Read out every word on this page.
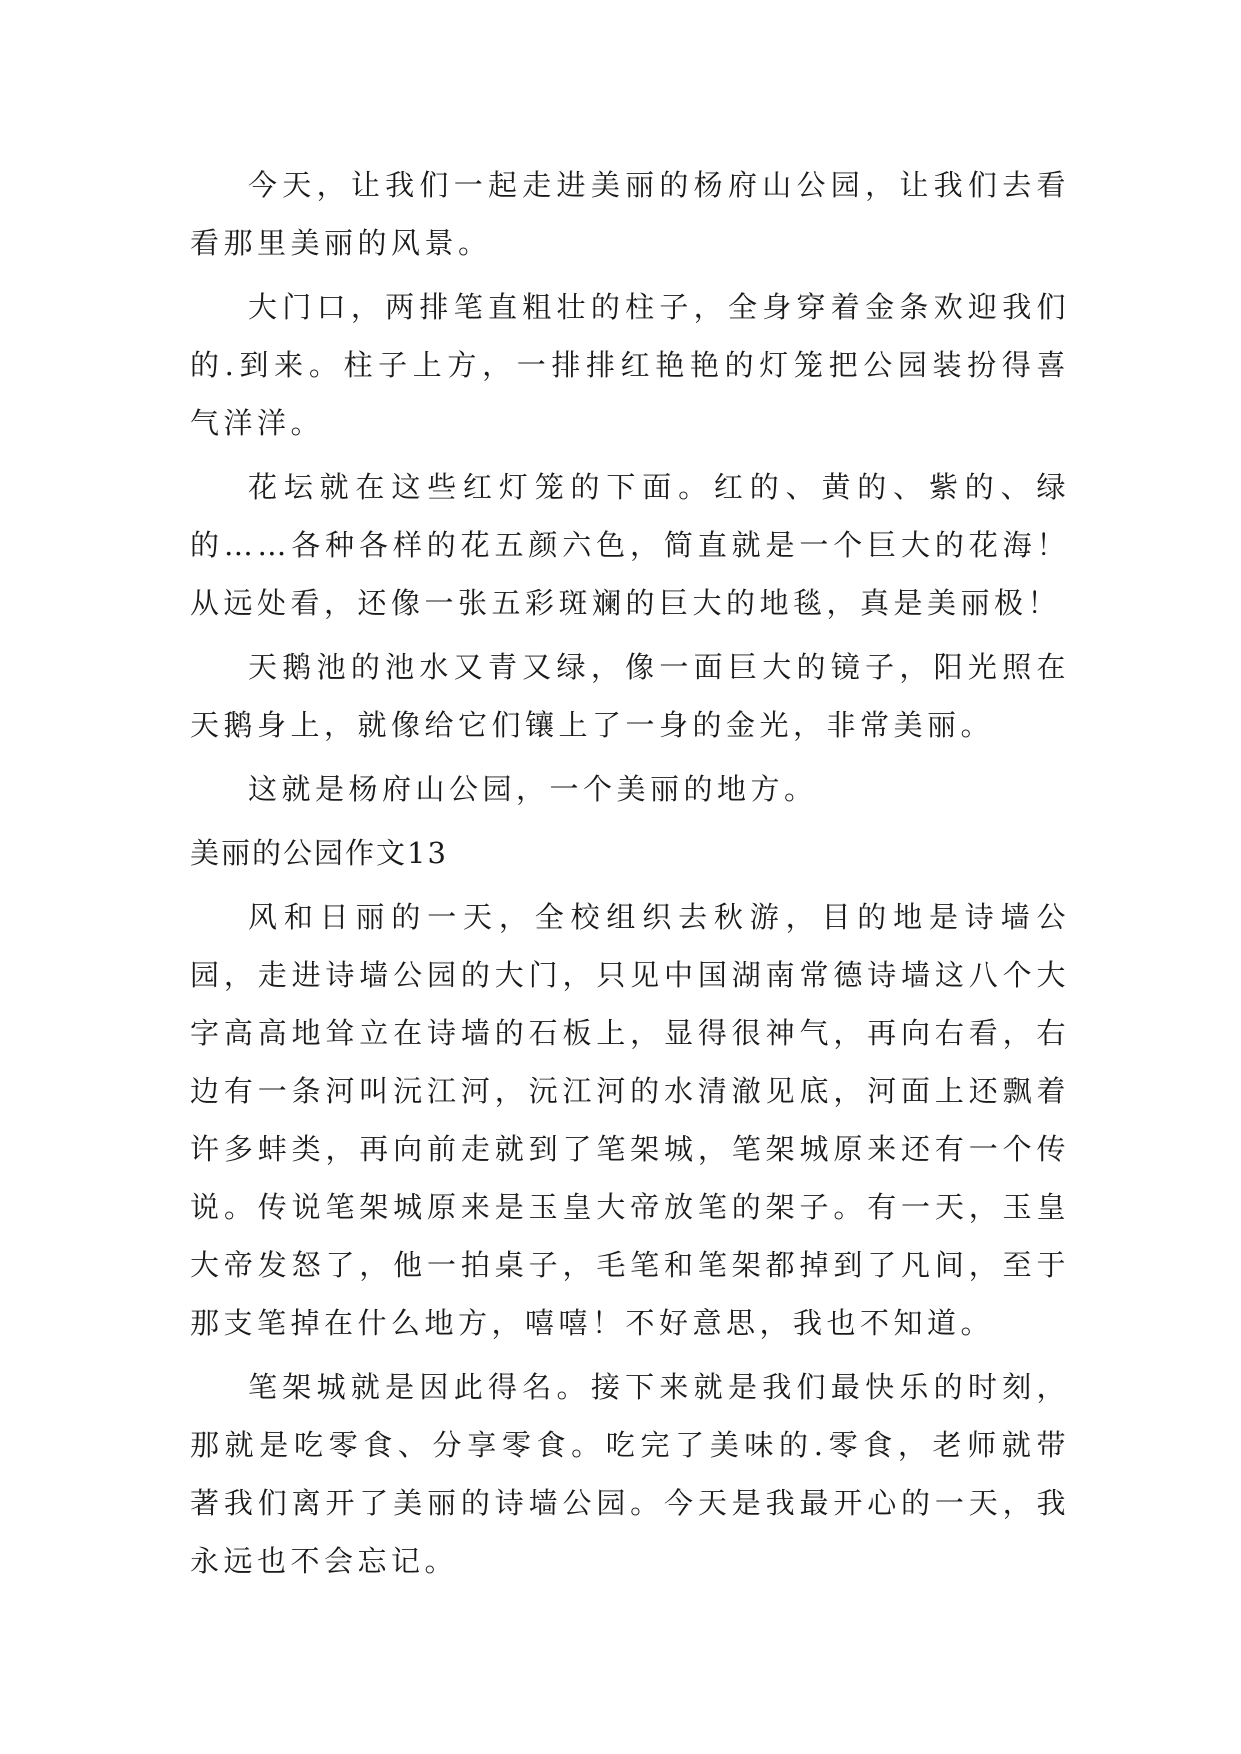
今天，让我们一起走进美丽的杨府山公园，让我们去看看那里美丽的风景。

大门口，两排笔直粗壮的柱子，全身穿着金条欢迎我们的.到来。柱子上方，一排排红艳艳的灯笼把公园装扮得喜气洋洋。

花坛就在这些红灯笼的下面。红的、黄的、紫的、绿的……各种各样的花五颜六色，简直就是一个巨大的花海！从远处看，还像一张五彩斑斓的巨大的地毯，真是美丽极！

天鹅池的池水又青又绿，像一面巨大的镜子，阳光照在天鹅身上，就像给它们镶上了一身的金光，非常美丽。

这就是杨府山公园，一个美丽的地方。

美丽的公园作文13

风和日丽的一天，全校组织去秋游，目的地是诗墙公园，走进诗墙公园的大门，只见中国湖南常德诗墙这八个大字高高地耸立在诗墙的石板上，显得很神气，再向右看，右边有一条河叫沅江河，沅江河的水清澈见底，河面上还飘着许多蚌类，再向前走就到了笔架城，笔架城原来还有一个传说。传说笔架城原来是玉皇大帝放笔的架子。有一天，玉皇大帝发怒了，他一拍桌子，毛笔和笔架都掉到了凡间，至于那支笔掉在什么地方，嘻嘻！不好意思，我也不知道。

笔架城就是因此得名。接下来就是我们最快乐的时刻，那就是吃零食、分享零食。吃完了美味的.零食，老师就带著我们离开了美丽的诗墙公园。今天是我最开心的一天，我永远也不会忘记。
